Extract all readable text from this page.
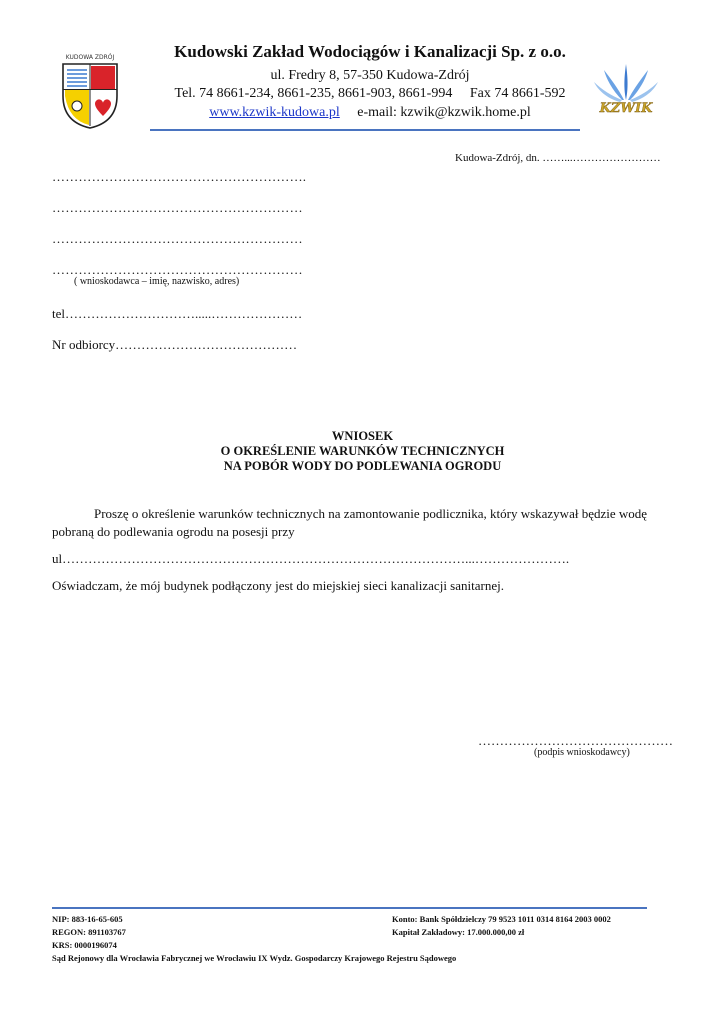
KUDOWA ZDRÓJ	Kudowski Zakład Wodociągów i Kanalizacji Sp. z o.o.
ul. Fredry 8, 57-350 Kudowa-Zdrój
Tel. 74 8661-234, 8661-235, 8661-903, 8661-994 Fax 74 8661-592
www.kzwik-kudowa.pl e-mail: kzwik@kzwik.home.pl	KZWIK
Kudowa-Zdrój, dn. ……...……………………
………………………………………………….
…………………………………………………
…………………………………………………
…………………………………………………
( wnioskodawca – imię, nazwisko, adres)
tel………………………….....…………………
Nr odbiorcy……………………………………
WNIOSEK
O OKREŚLENIE WARUNKÓW TECHNICZNYCH
NA POBÓR WODY DO PODLEWANIA OGRODU
Proszę o określenie warunków technicznych na zamontowanie podlicznika, który wskazywał będzie wodę pobraną do podlewania ogrodu na posesji przy
ul…………………………………………………………………………………...………………….
Oświadczam, że mój budynek podłączony jest do miejskiej sieci kanalizacji sanitarnej.
………………………………………
(podpis wnioskodawcy)
NIP: 883-16-65-605	Konto: Bank Spółdzielczy 79 9523 1011 0314 8164 2003 0002
REGON: 891103767	Kapitał Zakładowy: 17.000.000,00 zł
KRS: 0000196074
Sąd Rejonowy dla Wrocławia Fabrycznej we Wrocławiu IX Wydz. Gospodarczy Krajowego Rejestru Sądowego
